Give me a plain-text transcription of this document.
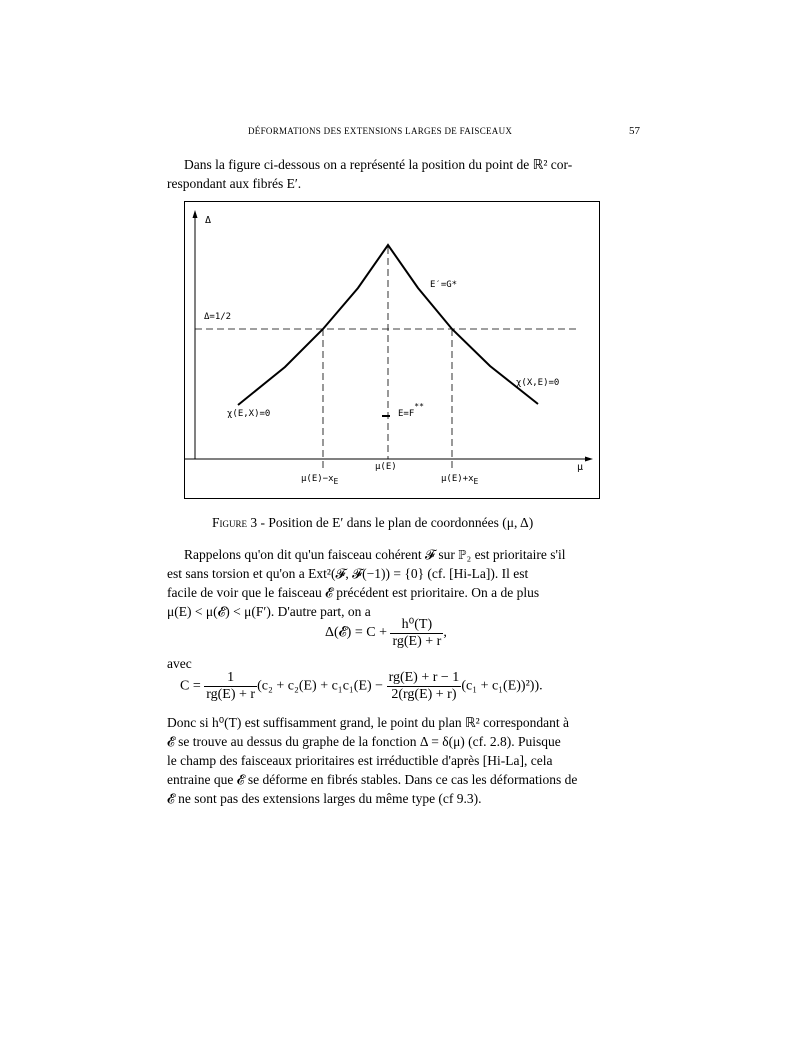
DÉFORMATIONS DES EXTENSIONS LARGES DE FAISCEAUX	57
Dans la figure ci-dessous on a représenté la position du point de ℝ² cor-
respondant aux fibrés E′.
Δ
μ
Δ=1/2
E′=G*
χ(X,E)=0
χ(E,X)=0	E=F**
μ(E)
μ(E)−xE	μ(E)+xE
Figure 3 - Position de E′ dans le plan de coordonnées (μ, Δ)
Rappelons qu'on dit qu'un faisceau cohérent 𝓕 sur ℙ₂ est prioritaire s'il
est sans torsion et qu'on a Ext²(𝓕, 𝓕(−1)) = {0} (cf. [Hi-La]). Il est
facile de voir que le faisceau 𝓔 précédent est prioritaire. On a de plus
μ(E) < μ(𝓔) < μ(F′). D'autre part, on a
Δ(𝓔) = $C + \frac{\text{h⁰(T)}}{rg(E) + r}$ ,
avec
$C = \frac{1}{rg(E) + r} (c_2 + c_2(E) + c_1c_1(E) - \frac{rg(E) + r - 1}{2(rg(E) + r)} (c_1 + c_1(E))^2)$).
Donc si h⁰(T) est suffisamment grand, le point du plan ℝ² correspondant à
𝓔 se trouve au dessus du graphe de la fonction Δ = δ(μ) (cf. 2.8). Puisque
le champ des faisceaux prioritaires est irréductible d'après [Hi-La], cela
entraine que 𝓔 se déforme en fibrés stables. Dans ce cas les déformations de
𝓔 ne sont pas des extensions larges du même type (cf 9.3).
